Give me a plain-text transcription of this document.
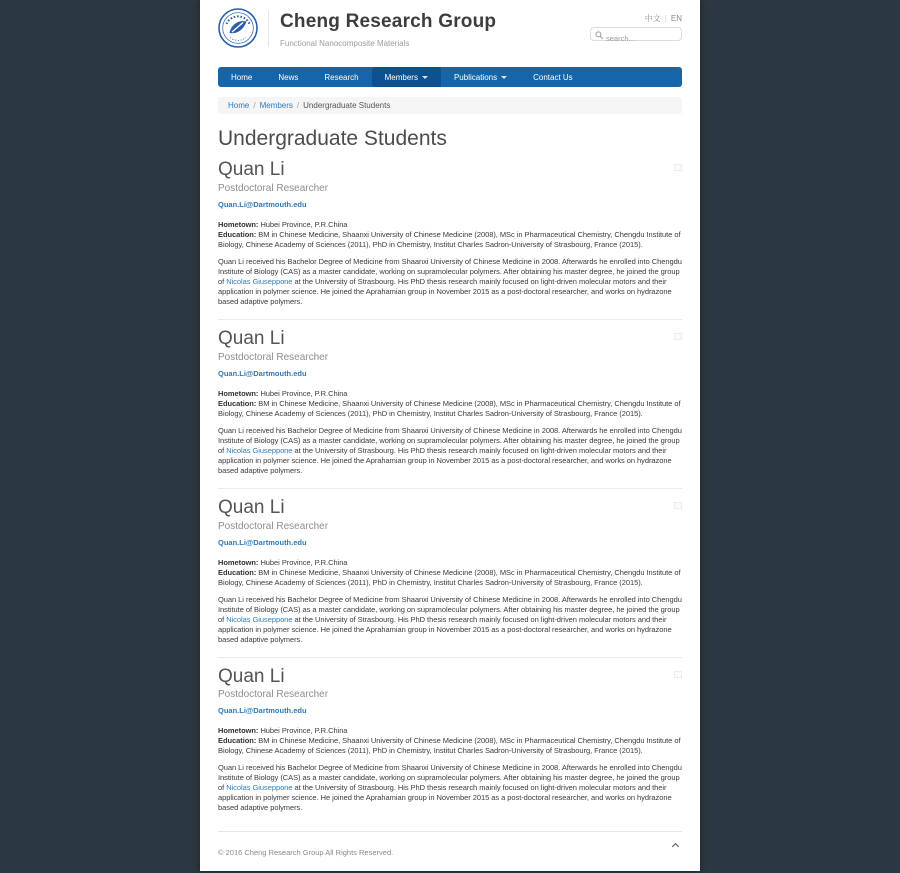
Cheng Research Group
Functional Nanocomposite Materials
中文 | EN
search...
Home	News	Research	Members	Publications	Contact Us
Home / Members / Undergraduate Students
Undergraduate Students
Quan Li
Postdoctoral Researcher
Quan.Li@Dartmouth.edu

Hometown: Hubei Province, P.R.China

Education: BM in Chinese Medicine, Shaanxi University of Chinese Medicine (2008), MSc in Pharmaceutical Chemistry, Chengdu Institute of Biology, Chinese Academy of Sciences (2011), PhD in Chemistry, Institut Charles Sadron-University of Strasbourg, France (2015).

Quan Li received his Bachelor Degree of Medicine from Shaanxi University of Chinese Medicine in 2008. Afterwards he enrolled into Chengdu Institute of Biology (CAS) as a master candidate, working on supramolecular polymers. After obtaining his master degree, he joined the group of Nicolas Giuseppone at the University of Strasbourg. His PhD thesis research mainly focused on light-driven molecular motors and their application in polymer science. He joined the Aprahamian group in November 2015 as a post-doctoral researcher, and works on hydrazone based adaptive polymers.

Quan Li
Postdoctoral Researcher
Quan.Li@Dartmouth.edu

Hometown: Hubei Province, P.R.China

Education: BM in Chinese Medicine, Shaanxi University of Chinese Medicine (2008), MSc in Pharmaceutical Chemistry, Chengdu Institute of Biology, Chinese Academy of Sciences (2011), PhD in Chemistry, Institut Charles Sadron-University of Strasbourg, France (2015).

Quan Li received his Bachelor Degree of Medicine from Shaanxi University of Chinese Medicine in 2008. Afterwards he enrolled into Chengdu Institute of Biology (CAS) as a master candidate, working on supramolecular polymers. After obtaining his master degree, he joined the group of Nicolas Giuseppone at the University of Strasbourg. His PhD thesis research mainly focused on light-driven molecular motors and their application in polymer science. He joined the Aprahamian group in November 2015 as a post-doctoral researcher, and works on hydrazone based adaptive polymers.

Quan Li
Postdoctoral Researcher
Quan.Li@Dartmouth.edu

Hometown: Hubei Province, P.R.China

Education: BM in Chinese Medicine, Shaanxi University of Chinese Medicine (2008), MSc in Pharmaceutical Chemistry, Chengdu Institute of Biology, Chinese Academy of Sciences (2011), PhD in Chemistry, Institut Charles Sadron-University of Strasbourg, France (2015).

Quan Li received his Bachelor Degree of Medicine from Shaanxi University of Chinese Medicine in 2008. Afterwards he enrolled into Chengdu Institute of Biology (CAS) as a master candidate, working on supramolecular polymers. After obtaining his master degree, he joined the group of Nicolas Giuseppone at the University of Strasbourg. His PhD thesis research mainly focused on light-driven molecular motors and their application in polymer science. He joined the Aprahamian group in November 2015 as a post-doctoral researcher, and works on hydrazone based adaptive polymers.

Quan Li
Postdoctoral Researcher
Quan.Li@Dartmouth.edu

Hometown: Hubei Province, P.R.China

Education: BM in Chinese Medicine, Shaanxi University of Chinese Medicine (2008), MSc in Pharmaceutical Chemistry, Chengdu Institute of Biology, Chinese Academy of Sciences (2011), PhD in Chemistry, Institut Charles Sadron-University of Strasbourg, France (2015).

Quan Li received his Bachelor Degree of Medicine from Shaanxi University of Chinese Medicine in 2008. Afterwards he enrolled into Chengdu Institute of Biology (CAS) as a master candidate, working on supramolecular polymers. After obtaining his master degree, he joined the group of Nicolas Giuseppone at the University of Strasbourg. His PhD thesis research mainly focused on light-driven molecular motors and their application in polymer science. He joined the Aprahamian group in November 2015 as a post-doctoral researcher, and works on hydrazone based adaptive polymers.

© 2016 Cheng Research Group All Rights Reserved.
